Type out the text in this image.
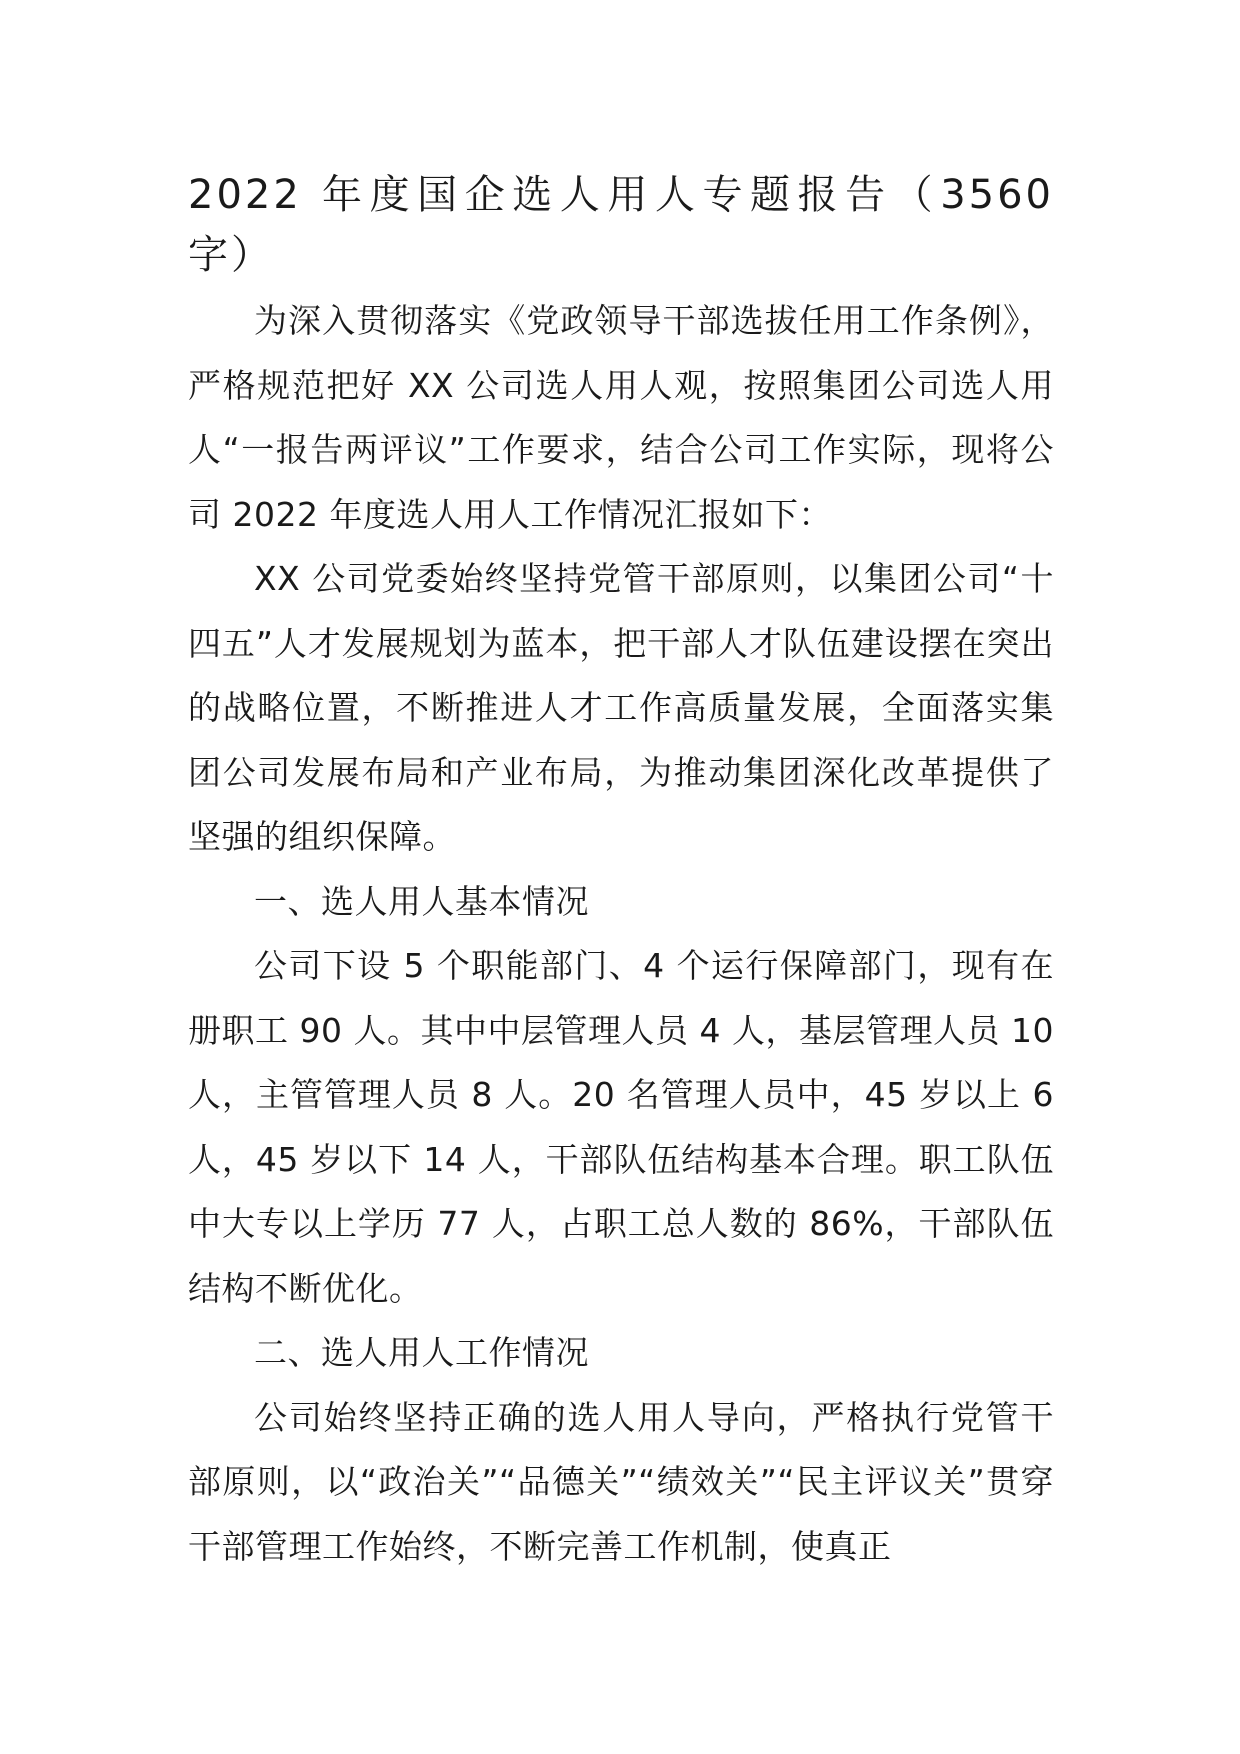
2022 年度国企选人用人专题报告（3560 字）

为深入贯彻落实《党政领导干部选拔任用工作条例》，严格规范把好 XX 公司选人用人观，按照集团公司选人用人“一报告两评议”工作要求，结合公司工作实际，现将公司 2022 年度选人用人工作情况汇报如下：

XX 公司党委始终坚持党管干部原则，以集团公司“十四五”人才发展规划为蓝本，把干部人才队伍建设摆在突出的战略位置，不断推进人才工作高质量发展，全面落实集团公司发展布局和产业布局，为推动集团深化改革提供了坚强的组织保障。

一、选人用人基本情况

公司下设 5 个职能部门、4 个运行保障部门，现有在册职工 90 人。其中中层管理人员 4 人，基层管理人员 10 人，主管管理人员 8 人。20 名管理人员中，45 岁以上 6 人，45 岁以下 14 人，干部队伍结构基本合理。职工队伍中大专以上学历 77 人，占职工总人数的 86%，干部队伍结构不断优化。

二、选人用人工作情况

公司始终坚持正确的选人用人导向，严格执行党管干部原则，以“政治关”“品德关”“绩效关”“民主评议关”贯穿干部管理工作始终，不断完善工作机制，使真正
